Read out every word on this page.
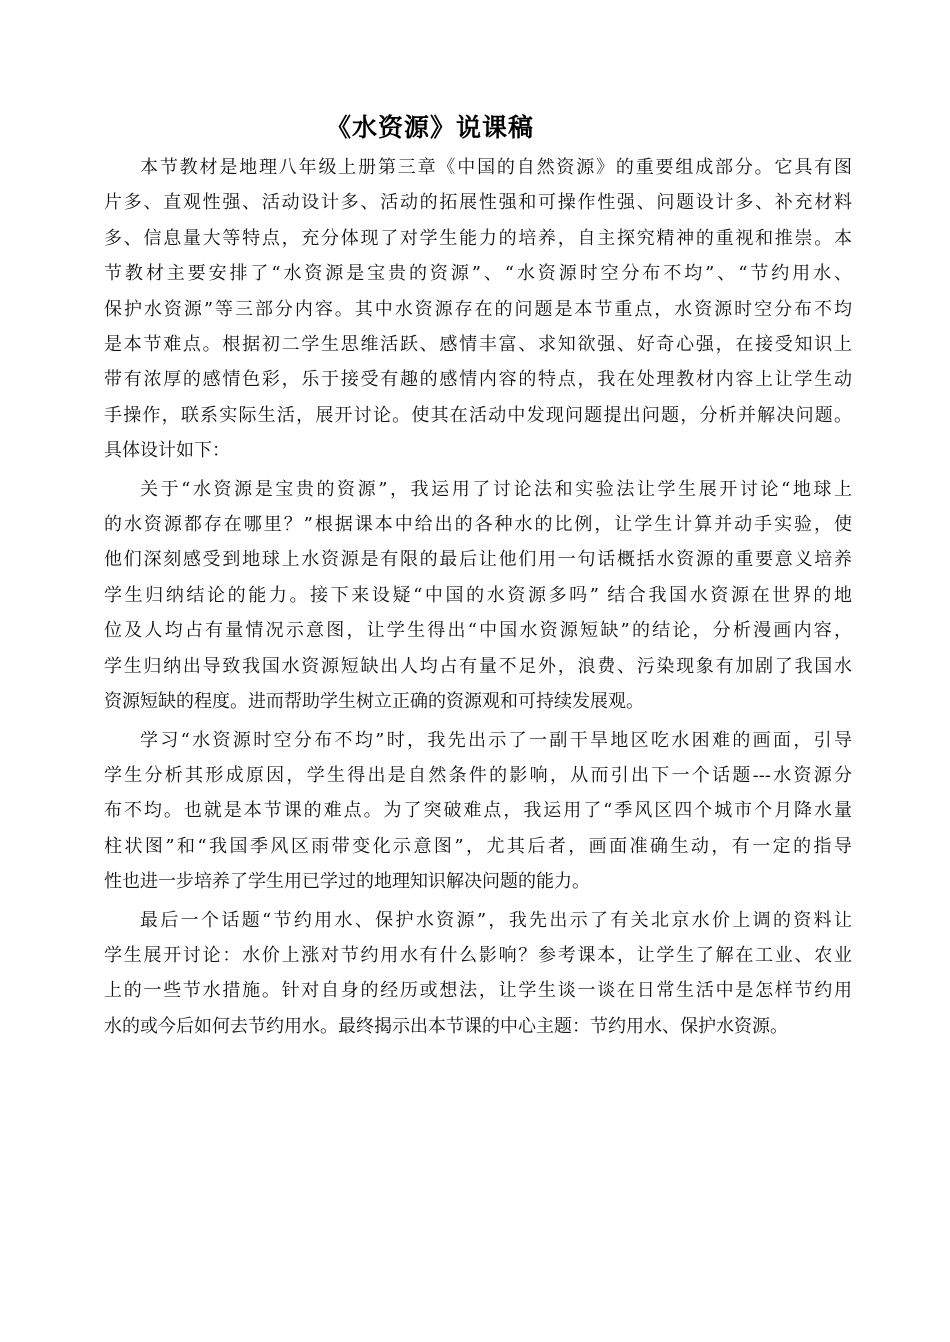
《水资源》说课稿

本节教材是地理八年级上册第三章《中国的自然资源》的重要组成部分。它具有图
片多、直观性强、活动设计多、活动的拓展性强和可操作性强、问题设计多、补充材料
多、信息量大等特点，充分体现了对学生能力的培养，自主探究精神的重视和推崇。本
节教材主要安排了“水资源是宝贵的资源”、“水资源时空分布不均”、“节约用水、
保护水资源”等三部分内容。其中水资源存在的问题是本节重点，水资源时空分布不均
是本节难点。根据初二学生思维活跃、感情丰富、求知欲强、好奇心强，在接受知识上
带有浓厚的感情色彩，乐于接受有趣的感情内容的特点，我在处理教材内容上让学生动
手操作，联系实际生活，展开讨论。使其在活动中发现问题提出问题，分析并解决问题。
具体设计如下：

关于“水资源是宝贵的资源”，我运用了讨论法和实验法让学生展开讨论“地球上
的水资源都存在哪里？”根据课本中给出的各种水的比例，让学生计算并动手实验，使
他们深刻感受到地球上水资源是有限的最后让他们用一句话概括水资源的重要意义培养
学生归纳结论的能力。接下来设疑“中国的水资源多吗” 结合我国水资源在世界的地
位及人均占有量情况示意图，让学生得出“中国水资源短缺”的结论，分析漫画内容，
学生归纳出导致我国水资源短缺出人均占有量不足外，浪费、污染现象有加剧了我国水
资源短缺的程度。进而帮助学生树立正确的资源观和可持续发展观。

学习“水资源时空分布不均”时，我先出示了一副干旱地区吃水困难的画面，引导
学生分析其形成原因，学生得出是自然条件的影响，从而引出下一个话题---水资源分
布不均。也就是本节课的难点。为了突破难点，我运用了“季风区四个城市个月降水量
柱状图”和“我国季风区雨带变化示意图”，尤其后者，画面准确生动，有一定的指导
性也进一步培养了学生用已学过的地理知识解决问题的能力。

最后一个话题“节约用水、保护水资源”，我先出示了有关北京水价上调的资料让
学生展开讨论：水价上涨对节约用水有什么影响？参考课本，让学生了解在工业、农业
上的一些节水措施。针对自身的经历或想法，让学生谈一谈在日常生活中是怎样节约用
水的或今后如何去节约用水。最终揭示出本节课的中心主题：节约用水、保护水资源。
